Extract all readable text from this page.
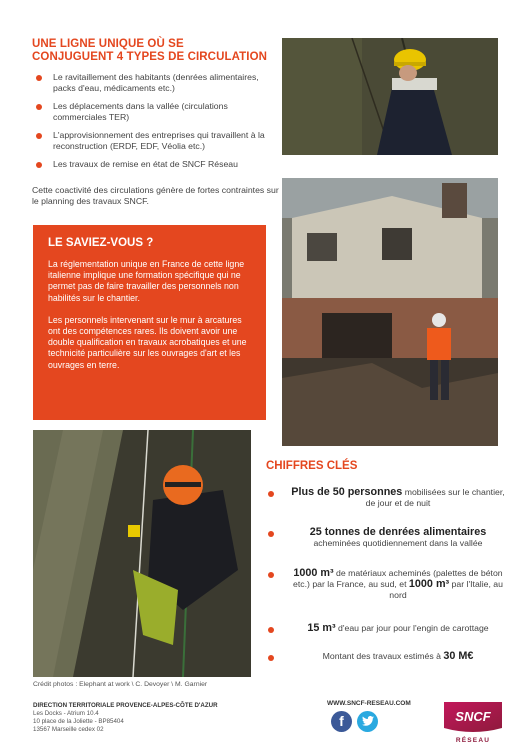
UNE LIGNE UNIQUE OÙ SE
CONJUGUENT 4 TYPES DE CIRCULATION
Le ravitaillement des habitants (denrées alimentaires, packs d'eau, médicaments etc.)
Les déplacements dans la vallée (circulations commerciales TER)
L'approvisionnement des entreprises qui travaillent à la reconstruction (ERDF, EDF, Véolia etc.)
Les travaux de remise en état de SNCF Réseau

Cette coactivité des circulations génère de fortes contraintes sur le planning des travaux SNCF.

LE SAVIEZ-VOUS ?

La réglementation unique en France de cette ligne italienne implique une formation spécifique qui ne permet pas de faire travailler des personnels non habilités sur le chantier.

Les personnels intervenant sur le mur à arcatures ont des compétences rares. Ils doivent avoir une double qualification en travaux acrobatiques et une technicité particulière sur les ouvrages d'art et les ouvrages en terre.

CHIFFRES CLÉS
Plus de 50 personnes mobilisées sur le chantier, de jour et de nuit
25 tonnes de denrées alimentaires
acheminées quotidiennement dans la vallée
1000 m³ de matériaux acheminés (palettes de béton etc.) par la France, au sud, et 1000 m³ par l'Italie, au nord
15 m³ d'eau par jour pour l'engin de carottage
Montant des travaux estimés à 30 M€
Crédit photos : Elephant at work \ C. Devoyer \ M. Garnier
DIRECTION TERRITORIALE PROVENCE-ALPES-CÔTE D'AZUR
Les Docks - Atrium 10.4
10 place de la Joliette - BP85404
13567 Marseille cedex 02
WWW.SNCF-RESEAU.COM
f	SNCF
RÉSEAU
